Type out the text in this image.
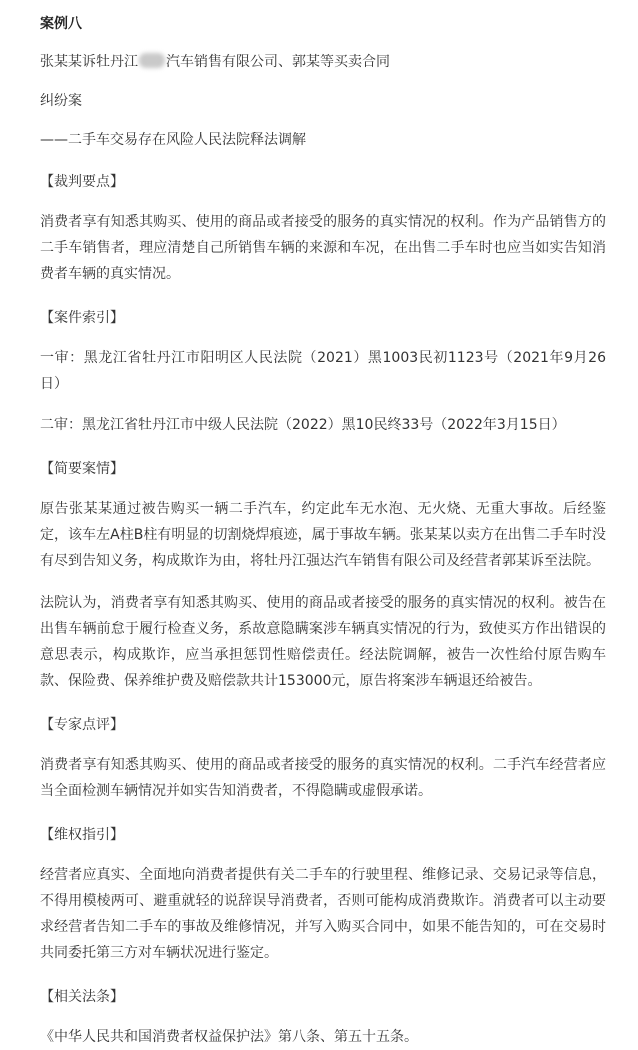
案例八

张某某诉牡丹江 汽车销售有限公司、郭某等买卖合同

纠纷案

——二手车交易存在风险人民法院释法调解

【裁判要点】

消费者享有知悉其购买、使用的商品或者接受的服务的真实情况的权利。作为产品销售方的二手车销售者，理应清楚自己所销售车辆的来源和车况，在出售二手车时也应当如实告知消费者车辆的真实情况。

【案件索引】

一审：黑龙江省牡丹江市阳明区人民法院（2021）黑1003民初1123号（2021年9月26日）

二审：黑龙江省牡丹江市中级人民法院（2022）黑10民终33号（2022年3月15日）

【简要案情】

原告张某某通过被告购买一辆二手汽车，约定此车无水泡、无火烧、无重大事故。后经鉴定，该车左A柱B柱有明显的切割烧焊痕迹，属于事故车辆。张某某以卖方在出售二手车时没有尽到告知义务，构成欺诈为由，将牡丹江强达汽车销售有限公司及经营者郭某诉至法院。

法院认为，消费者享有知悉其购买、使用的商品或者接受的服务的真实情况的权利。被告在出售车辆前怠于履行检查义务，系故意隐瞒案涉车辆真实情况的行为，致使买方作出错误的意思表示，构成欺诈，应当承担惩罚性赔偿责任。经法院调解，被告一次性给付原告购车款、保险费、保养维护费及赔偿款共计153000元，原告将案涉车辆退还给被告。

【专家点评】

消费者享有知悉其购买、使用的商品或者接受的服务的真实情况的权利。二手汽车经营者应当全面检测车辆情况并如实告知消费者，不得隐瞒或虚假承诺。

【维权指引】

经营者应真实、全面地向消费者提供有关二手车的行驶里程、维修记录、交易记录等信息，不得用模棱两可、避重就轻的说辞误导消费者，否则可能构成消费欺诈。消费者可以主动要求经营者告知二手车的事故及维修情况，并写入购买合同中，如果不能告知的，可在交易时共同委托第三方对车辆状况进行鉴定。

【相关法条】

《中华人民共和国消费者权益保护法》第八条、第五十五条。
